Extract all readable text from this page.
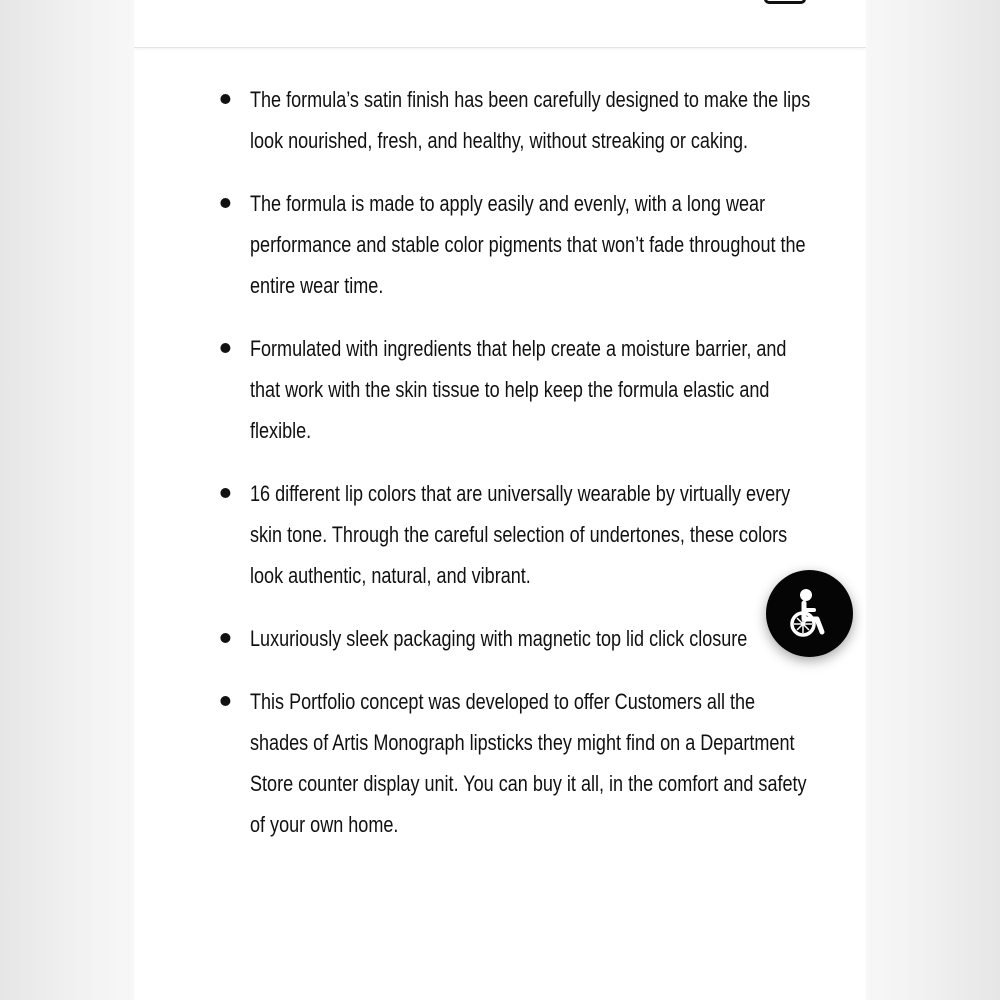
The formula’s satin finish has been carefully designed to make the lips look nourished, fresh, and healthy, without streaking or caking.
The formula is made to apply easily and evenly, with a long wear performance and stable color pigments that won’t fade throughout the entire wear time.
Formulated with ingredients that help create a moisture barrier, and that work with the skin tissue to help keep the formula elastic and flexible.
16 different lip colors that are universally wearable by virtually every skin tone. Through the careful selection of undertones, these colors look authentic, natural, and vibrant.
Luxuriously sleek packaging with magnetic top lid click closure
This Portfolio concept was developed to offer Customers all the shades of Artis Monograph lipsticks they might find on a Department Store counter display unit. You can buy it all, in the comfort and safety of your own home.
